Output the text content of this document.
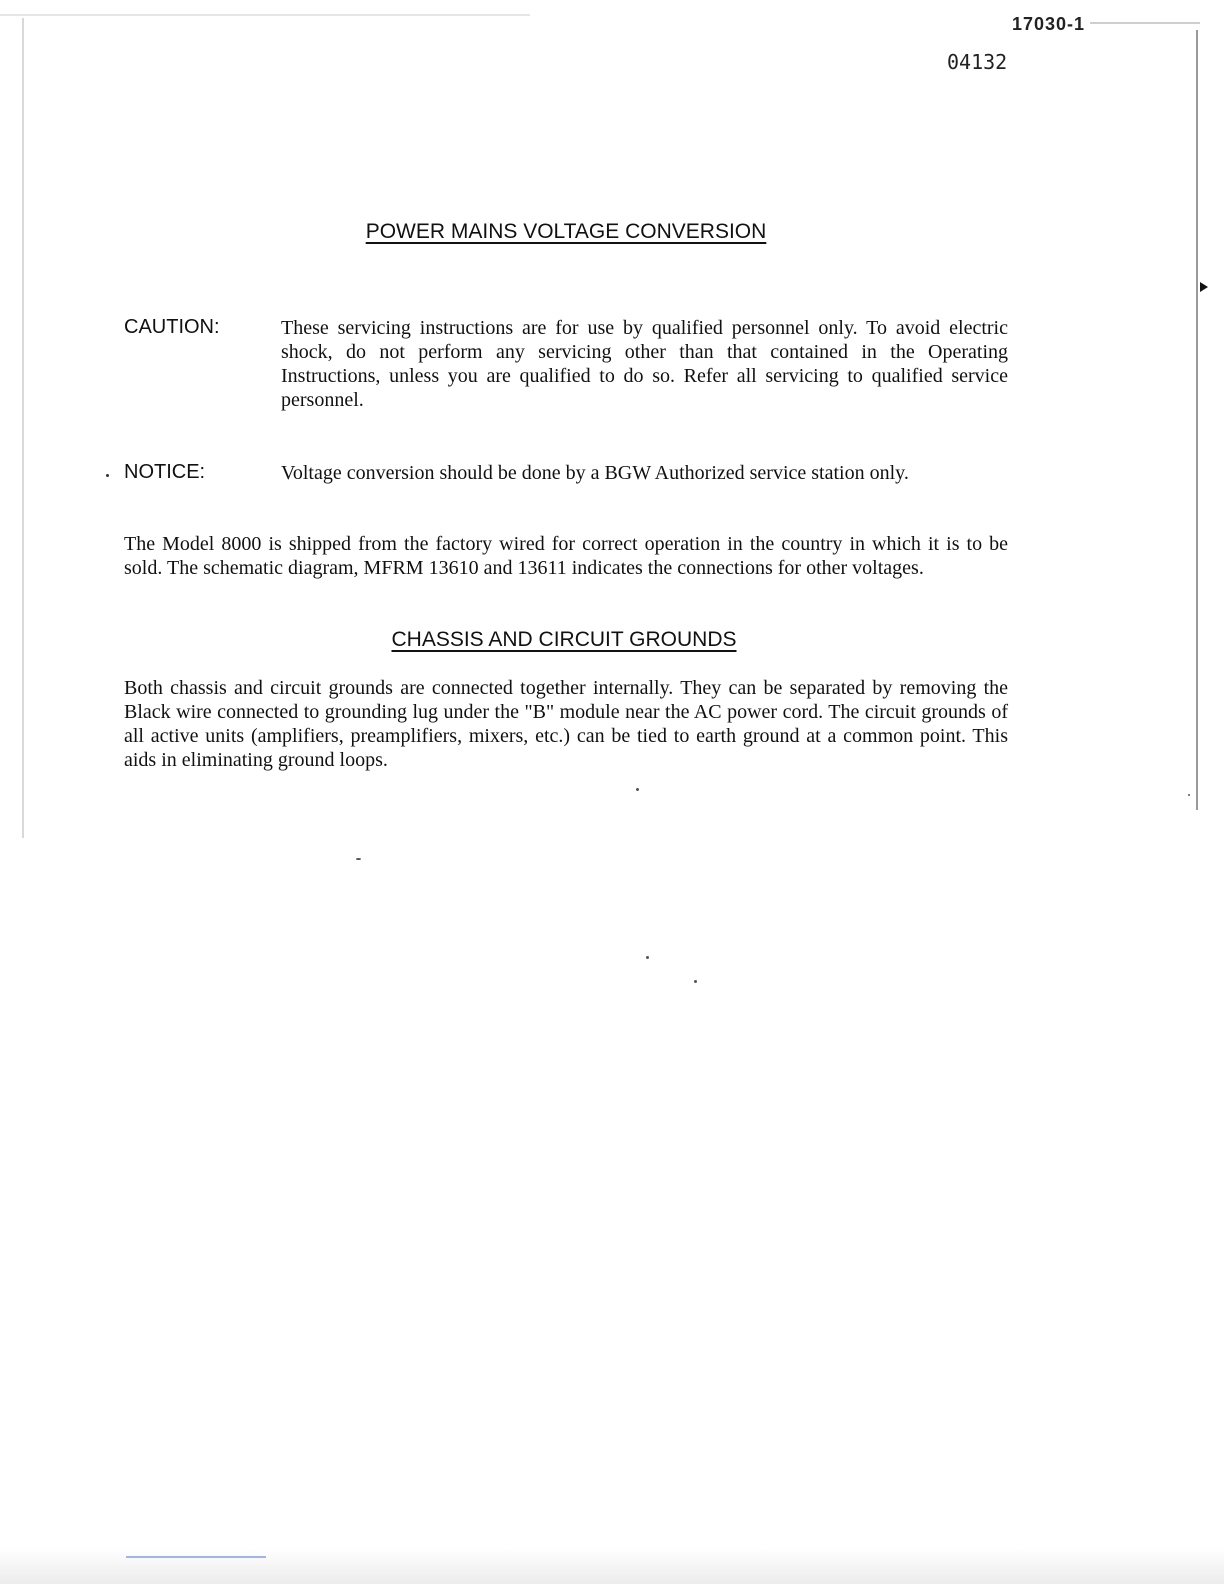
17030-1
04132
POWER MAINS VOLTAGE CONVERSION
CAUTION:	These servicing instructions are for use by qualified personnel only. To avoid electric shock, do not perform any servicing other than that contained in the Operating Instructions, unless you are qualified to do so. Refer all servicing to qualified service personnel.
NOTICE:	Voltage conversion should be done by a BGW Authorized service station only.
The Model 8000 is shipped from the factory wired for correct operation in the country in which it is to be sold. The schematic diagram, MFRM 13610 and 13611 indicates the connections for other voltages.
CHASSIS AND CIRCUIT GROUNDS
Both chassis and circuit grounds are connected together internally. They can be separated by removing the Black wire connected to grounding lug under the "B" module near the AC power cord. The circuit grounds of all active units (amplifiers, preamplifiers, mixers, etc.) can be tied to earth ground at a common point. This aids in eliminating ground loops.
